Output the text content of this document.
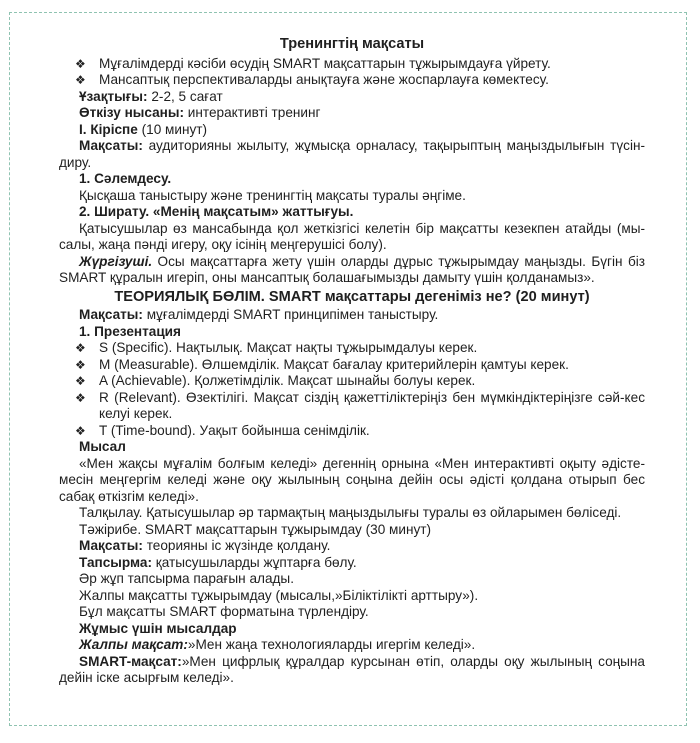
Тренингтің мақсаты
❖ Мұғалімдерді кәсіби өсудің SMART мақсаттарын тұжырымдауға үйрету.
❖ Мансаптық перспективаларды анықтауға және жоспарлауға көмектесу.
Ұзақтығы: 2-2, 5 сағат
Өткізу нысаны: интерактивті тренинг
I. Кіріспе (10 минут)
Мақсаты: аудиторияны жылыту, жұмысқа орналасу, тақырыптың маңыздылығын түсін-диру.
1. Сәлемдесу.
Қысқаша таныстыру және тренингтің мақсаты туралы әңгіме.
2. Ширату. «Менің мақсатым» жаттығуы.
Қатысушылар өз мансабында қол жеткізгісі келетін бір мақсатты кезекпен атайды (мы-салы, жаңа пәнді игеру, оқу ісінің меңгерушісі болу).
Жүргізуші. Осы мақсаттарға жету үшін оларды дұрыс тұжырымдау маңызды. Бүгін біз SMART құралын игеріп, оны мансаптық болашағымызды дамыту үшін қолданамыз».
ТЕОРИЯЛЫҚ БӨЛІМ. SMART мақсаттары дегеніміз не? (20 минут)
Мақсаты: мұғалімдерді SMART принципімен таныстыру.
1. Презентация
❖ S (Specific). Нақтылық. Мақсат нақты тұжырымдалуы керек.
❖ M (Measurable). Өлшемділік. Мақсат бағалау критерийлерін қамтуы керек.
❖ A (Achievable). Қолжетімділік. Мақсат шынайы болуы керек.
❖ R (Relevant). Өзектілігі. Мақсат сіздің қажеттіліктеріңіз бен мүмкіндіктеріңізге сәй-кес келуі керек.
❖ T (Time-bound). Уақыт бойынша сенімділік.
Мысал
«Мен жақсы мұғалім болғым келеді» дегеннің орнына «Мен интерактивті оқыту әдісте-месін меңгергім келеді және оқу жылының соңына дейін осы әдісті қолдана отырып бес сабақ өткізгім келеді».
Талқылау. Қатысушылар әр тармақтың маңыздылығы туралы өз ойларымен бөліседі.
Тәжірибе. SMART мақсаттарын тұжырымдау (30 минут)
Мақсаты: теорияны іс жүзінде қолдану.
Тапсырма: қатысушыларды жұптарға бөлу.
Әр жұп тапсырма парағын алады.
Жалпы мақсатты тұжырымдау (мысалы,»Біліктілікті арттыру»).
Бұл мақсатты SMART форматына түрлендіру.
Жұмыс үшін мысалдар
Жалпы мақсат:»Мен жаңа технологияларды игергім келеді».
SMART-мақсат:»Мен цифрлық құралдар курсынан өтіп, оларды оқу жылының соңына дейін іске асырғым келеді».
